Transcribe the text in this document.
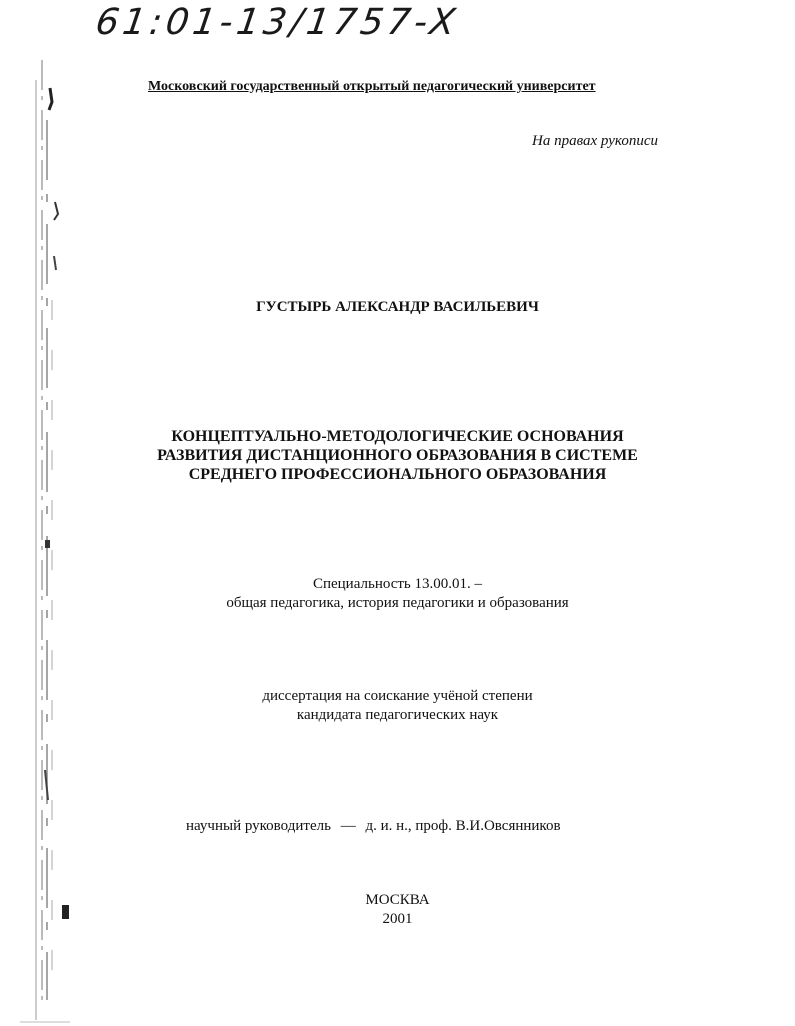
61:01-13/1757-X
Московский государственный открытый педагогический университет
На правах рукописи
ГУСТЫРЬ АЛЕКСАНДР ВАСИЛЬЕВИЧ
КОНЦЕПТУАЛЬНО-МЕТОДОЛОГИЧЕСКИЕ ОСНОВАНИЯ
РАЗВИТИЯ ДИСТАНЦИОННОГО ОБРАЗОВАНИЯ В СИСТЕМЕ
СРЕДНЕГО ПРОФЕССИОНАЛЬНОГО ОБРАЗОВАНИЯ
Специальность 13.00.01. –
общая педагогика, история педагогики и образования
диссертация на соискание учёной степени
кандидата педагогических наук
научный руководитель — д. и. н., проф. В.И.Овсянников
МОСКВА
2001
